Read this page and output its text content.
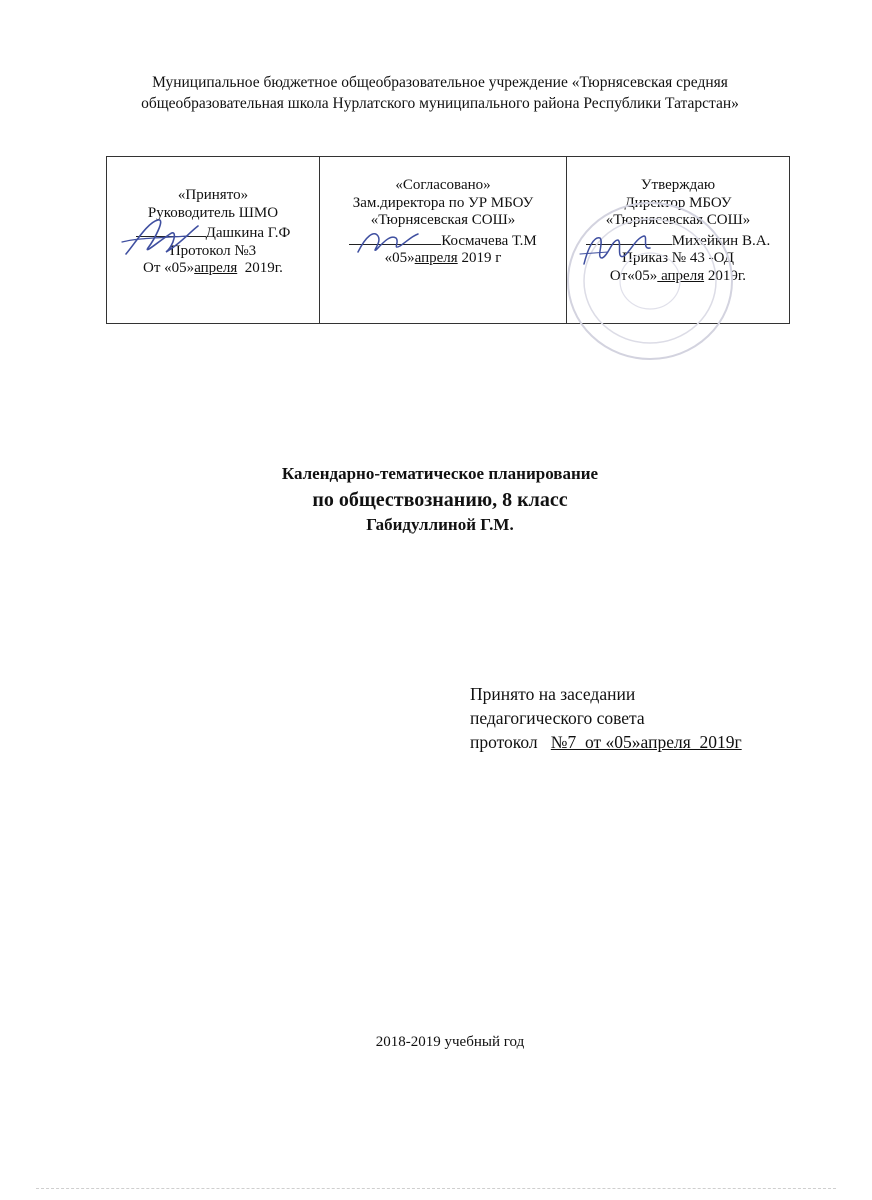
Муниципальное бюджетное общеобразовательное учреждение «Тюрнясевская средняя
общеобразовательная школа Нурлатского муниципального района Республики Татарстан»
«Принято»
Руководитель ШМО
Дашкина Г.Ф
Протокол №3
От «05»апреля  2019г.

«Согласовано»
Зам.директора по УР МБОУ
«Тюрнясевская СОШ»
Космачева Т.М
«05»апреля 2019 г

Утверждаю
Директор МБОУ
«Тюрнясевская СОШ»
Михейкин В.А.
Приказ № 43 -ОД
От«05» апреля 2019г.
Календарно-тематическое планирование
по обществознанию, 8 класс
Габидуллиной Г.М.
Принято на заседании
педагогического совета
протокол   №7  от «05»апреля  2019г
2018-2019 учебный год
